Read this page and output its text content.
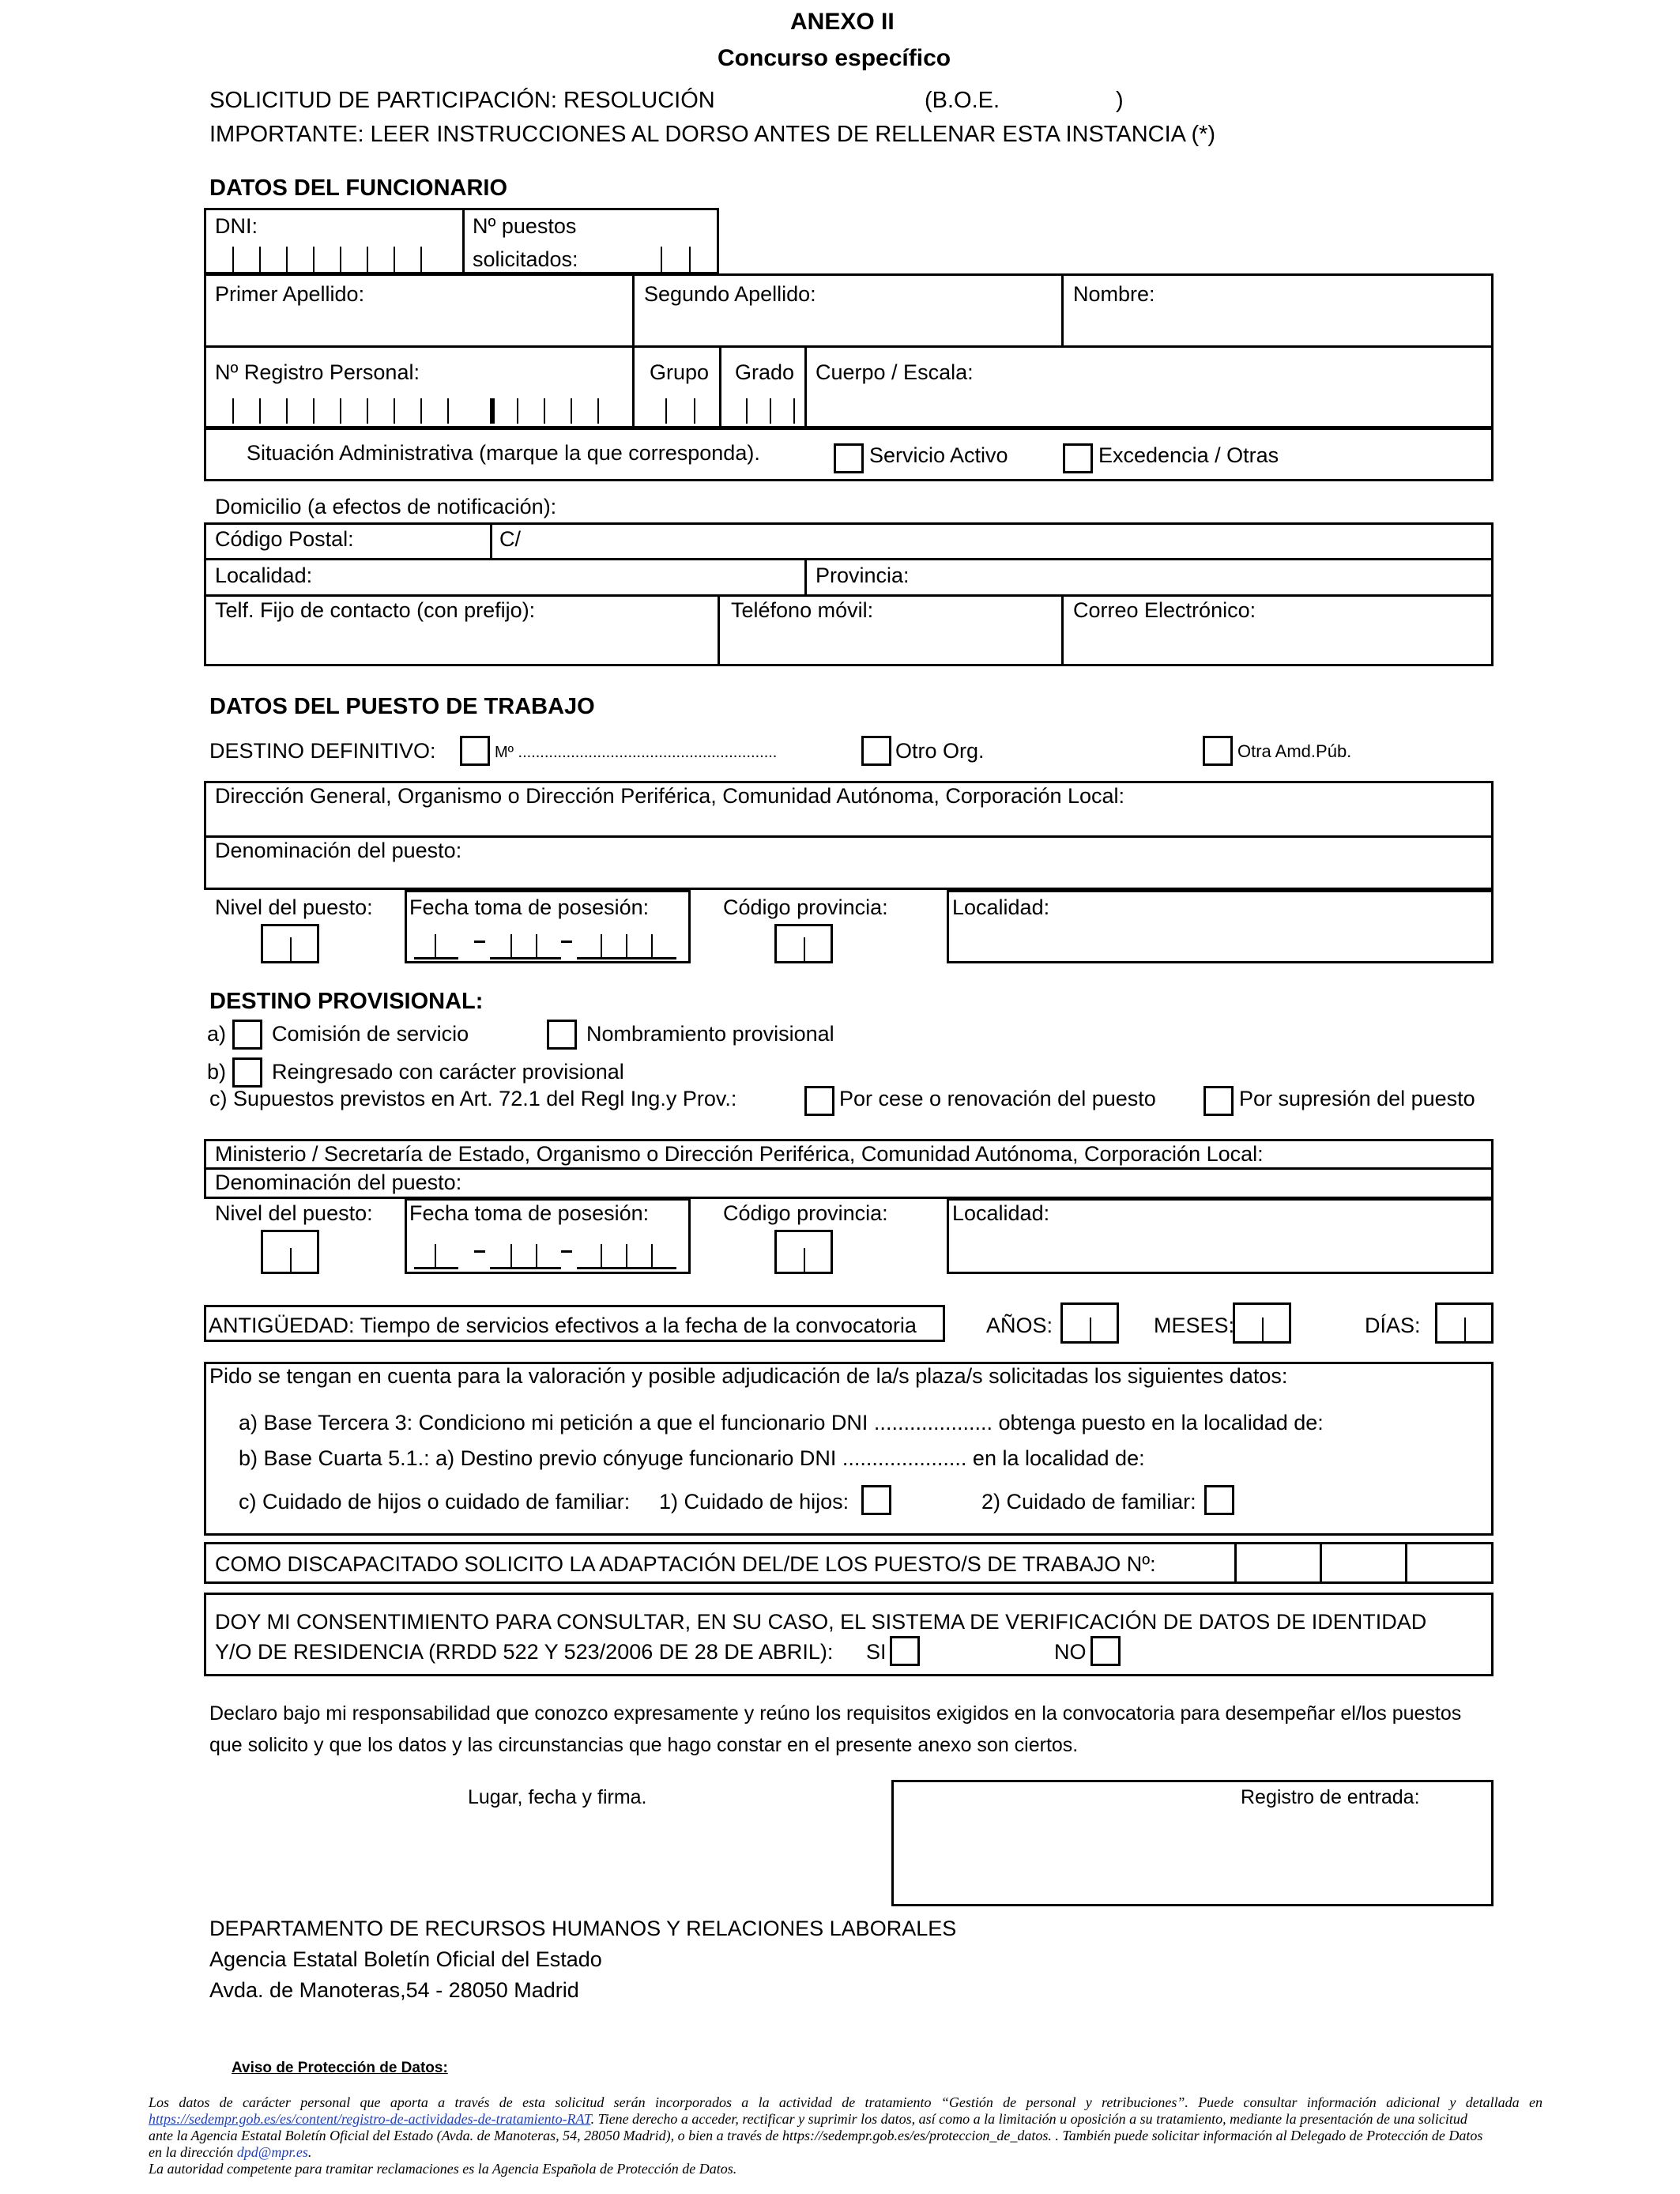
ANEXO II
Concurso específico
SOLICITUD DE PARTICIPACIÓN: RESOLUCIÓN	(B.O.E.	)
IMPORTANTE: LEER INSTRUCCIONES AL DORSO ANTES DE RELLENAR ESTA INSTANCIA (*)
DATOS DEL FUNCIONARIO
DNI:	Nº puestos
solicitados:
Primer Apellido:	Segundo Apellido:	Nombre:
Nº Registro Personal:	Grupo Grado Cuerpo / Escala:
Situación Administrativa (marque la que corresponda).	Servicio Activo	Excedencia / Otras
Domicilio (a efectos de notificación):
Código Postal:	C/
Localidad:	Provincia:
Telf. Fijo de contacto (con prefijo):	Teléfono móvil:	Correo Electrónico:
DATOS DEL PUESTO DE TRABAJO
DESTINO DEFINITIVO:	Mº ...........................................................	Otro Org.	Otra Amd.Púb.
Dirección General, Organismo o Dirección Periférica, Comunidad Autónoma, Corporación Local:
Denominación del puesto:
Nivel del puesto: Fecha toma de posesión:	Código provincia:	Localidad:
DESTINO PROVISIONAL:
a) Comisión de servicio	Nombramiento provisional
b) Reingresado con carácter provisional
c) Supuestos previstos en Art. 72.1 del Regl Ing.y Prov.:	Por cese o renovación del puesto	Por supresión del puesto
Ministerio / Secretaría de Estado, Organismo o Dirección Periférica, Comunidad Autónoma, Corporación Local:
Denominación del puesto:
Nivel del puesto: Fecha toma de posesión:	Código provincia:	Localidad:
ANTIGÜEDAD: Tiempo de servicios efectivos a la fecha de la convocatoria	AÑOS:	MESES:	DÍAS:
Pido se tengan en cuenta para la valoración y posible adjudicación de la/s plaza/s solicitadas los siguientes datos:
a) Base Tercera 3: Condiciono mi petición a que el funcionario DNI .................... obtenga puesto en la localidad de:
b) Base Cuarta 5.1.: a) Destino previo cónyuge funcionario DNI ..................... en la localidad de:
c) Cuidado de hijos o cuidado de familiar: 1) Cuidado de hijos:	2) Cuidado de familiar:
COMO DISCAPACITADO SOLICITO LA ADAPTACIÓN DEL/DE LOS PUESTO/S DE TRABAJO Nº:
DOY MI CONSENTIMIENTO PARA CONSULTAR, EN SU CASO, EL SISTEMA DE VERIFICACIÓN DE DATOS DE IDENTIDAD
Y/O DE RESIDENCIA (RRDD 522 Y 523/2006 DE 28 DE ABRIL): SI	NO
Declaro bajo mi responsabilidad que conozco expresamente y reúno los requisitos exigidos en la convocatoria para desempeñar el/los puestos
que solicito y que los datos y las circunstancias que hago constar en el presente anexo son ciertos.
Lugar, fecha y firma.	Registro de entrada:
DEPARTAMENTO DE RECURSOS HUMANOS Y RELACIONES LABORALES
Agencia Estatal Boletín Oficial del Estado
Avda. de Manoteras,54 - 28050 Madrid
Aviso de Protección de Datos:
Los datos de carácter personal que aporta a través de esta solicitud serán incorporados a la actividad de tratamiento “Gestión de personal y retribuciones”. Puede consultar información adicional y detallada en
https://sedempr.gob.es/es/content/registro-de-actividades-de-tratamiento-RAT. Tiene derecho a acceder, rectificar y suprimir los datos, así como a la limitación u oposición a su tratamiento, mediante la presentación de una solicitud
ante la Agencia Estatal Boletín Oficial del Estado (Avda. de Manoteras, 54, 28050 Madrid), o bien a través de https://sedempr.gob.es/es/proteccion_de_datos. . También puede solicitar información al Delegado de Protección de Datos
en la dirección dpd@mpr.es.
La autoridad competente para tramitar reclamaciones es la Agencia Española de Protección de Datos.
